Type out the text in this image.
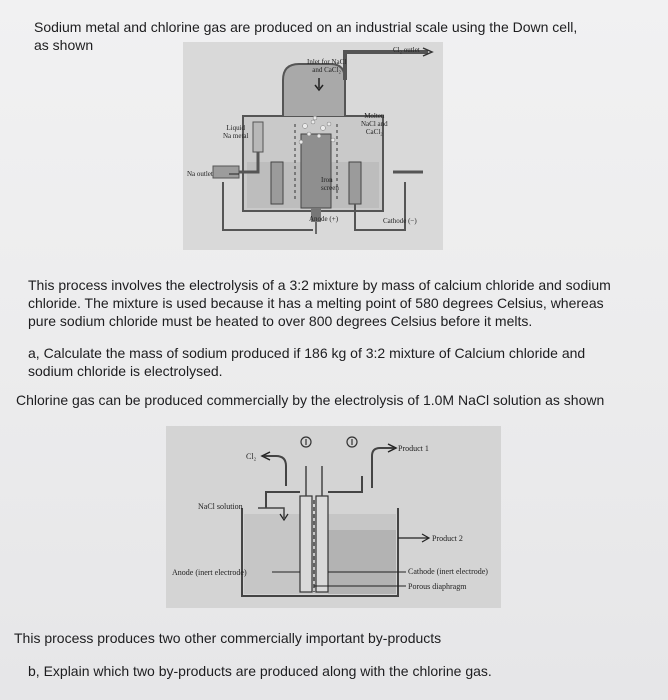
Sodium metal and chlorine gas are produced on an industrial scale using the Down cell,

as shown	Cl₂ outlet
Inlet for NaCl
and CaCl₂
Liquid
Na metal
Molten
NaCl and
CaCl₂
Na outlet
Iron
screen
Anode (+)	Cathode (−)

This process involves the electrolysis of a 3:2 mixture by mass of calcium chloride and sodium

chloride. The mixture is used because it has a melting point of 580 degrees Celsius, whereas

pure sodium chloride must be heated to over 800 degrees Celsius before it melts.

a, Calculate the mass of sodium produced if 186 kg of 3:2 mixture of Calcium chloride and

sodium chloride is electrolysed.

Chlorine gas can be produced commercially by the electrolysis of 1.0M NaCl solution as shown

Cl₂
Product 1
NaCl solution
Product 2
Anode (inert electrode)	Cathode (inert electrode)
Porous diaphragm

This process produces two other commercially important by-products

b, Explain which two by-products are produced along with the chlorine gas.
